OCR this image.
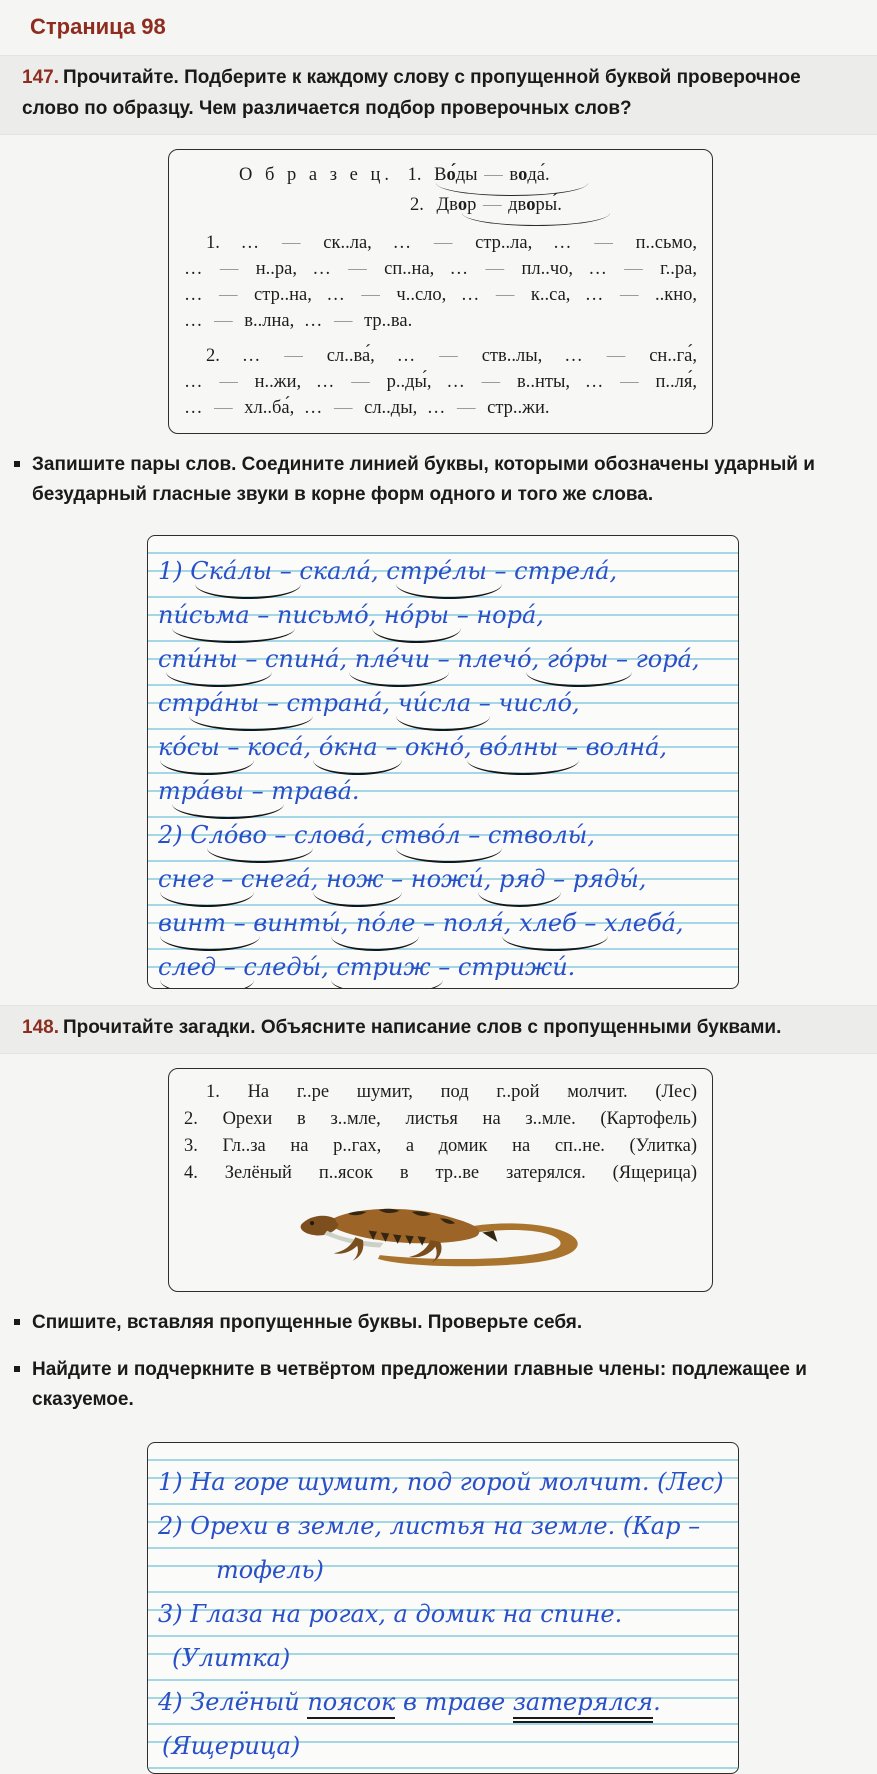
Страница 98
147. Прочитайте. Подберите к каждому слову с пропущенной буквой проверочное слово по образцу. Чем различается подбор проверочных слов?
О б р а з е ц. 1. Во́ды — вода́.
2. Двор — дворы́.
1. … — ск..ла, … — стр..ла, … — п..сьмо,
… — н..ра, … — сп..на, … — пл..чо, … — г..ра,
… — стр..на, … — ч..сло, … — к..са, … — ..кно,
… — в..лна, … — тр..ва.
2. … — сл..ва́, … — ств..лы, … — сн..га́,
… — н..жи, … — р..ды́, … — в..нты, … — п..ля́,
… — хл..ба́, … — сл..ды, … — стр..жи.
Запишите пары слов. Соедините линией буквы, которыми обозначены ударный и безударный гласные звуки в корне форм одного и того же слова.
1) Ска́лы – скала́, стре́лы – стрела́,
пи́сьма – письмо́, но́ры – нора́,
спи́ны – спина́, пле́чи – плечо́, го́ры – гора́,
стра́ны – страна́, чи́сла – число́,
ко́сы – коса́, о́кна – окно́, во́лны – волна́,
тра́вы – трава́.
2) Сло́во – слова́, ство́л – стволы́,
снег – снега́, нож – ножи́, ряд – ряды́,
винт – винты́, по́ле – поля́, хлеб – хлеба́,
след – следы́, стриж – стрижи́.
148. Прочитайте загадки. Объясните написание слов с пропущенными буквами.
1. На г..ре шумит, под г..рой молчит. (Лес)
2. Орехи в з..мле, листья на з..мле. (Картофель)
3. Гл..за на р..гах, а домик на сп..не. (Улитка)
4. Зелёный п..ясок в тр..ве затерялся. (Ящерица)
Спишите, вставляя пропущенные буквы. Проверьте себя.
Найдите и подчеркните в четвёртом предложении главные члены: подлежащее и сказуемое.
1) На горе шумит, под горой молчит. (Лес)
2) Орехи в земле, листья на земле. (Кар –
тофель)
3) Глаза на рогах, а домик на спине.
(Улитка)
4) Зелёный поясок в траве затерялся.
(Ящерица)
